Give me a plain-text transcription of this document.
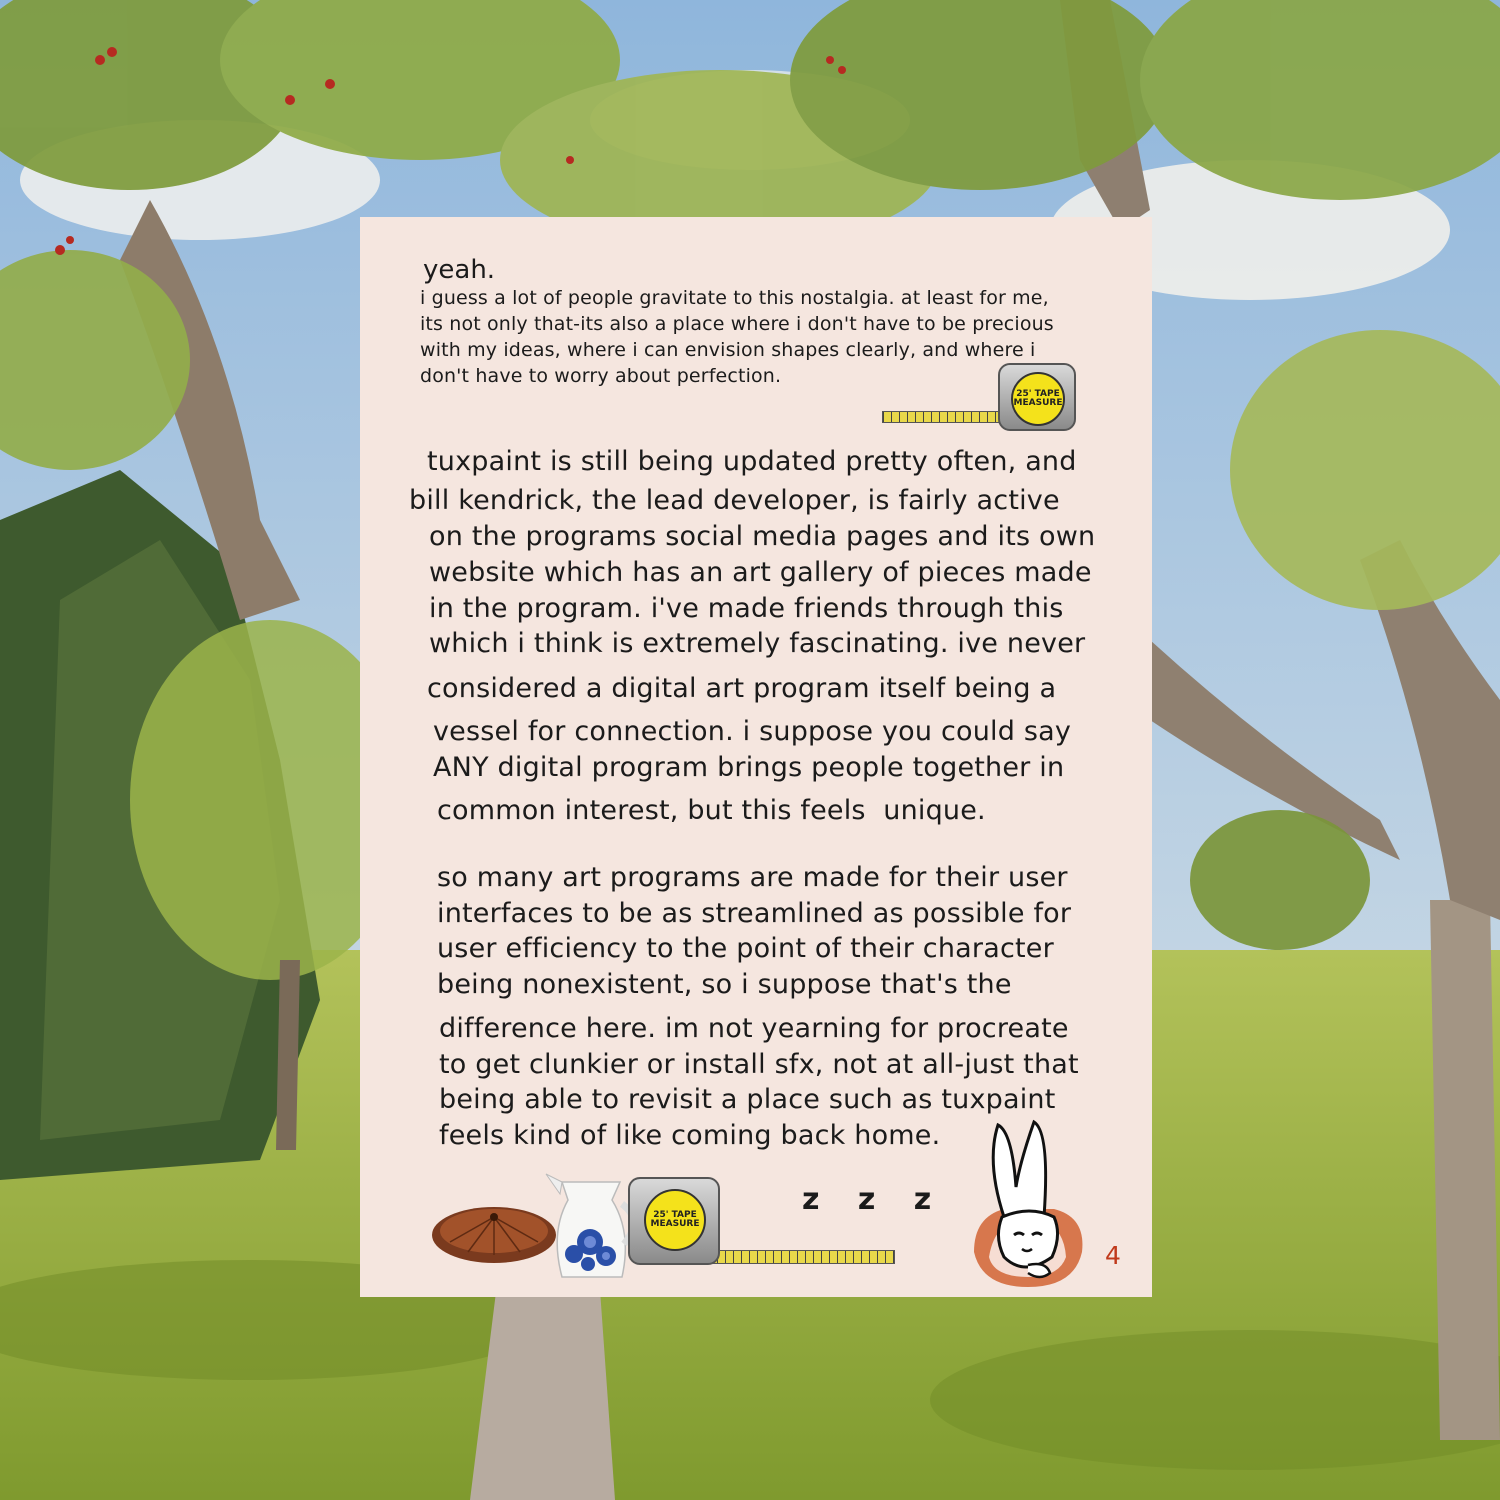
yeah.

i guess a lot of people gravitate to this nostalgia. at least for me,

its not only that-its also a place where i don't have to be precious

with my ideas, where i can envision shapes clearly, and where i

don't have to worry about perfection.

25' TAPE MEASURE

tuxpaint is still being updated pretty often, and

bill kendrick, the lead developer, is fairly active

on the programs social media pages and its own

website which has an art gallery of pieces made

in the program. i've made friends through this

which i think is extremely fascinating. ive never

considered a digital art program itself being a

vessel for connection. i suppose you could say

ANY digital program brings people together in

common interest, but this feels  unique.

so many art programs are made for their user

interfaces to be as streamlined as possible for

user efficiency to the point of their character

being nonexistent, so i suppose that's the

difference here. im not yearning for procreate

to get clunkier or install sfx, not at all-just that

being able to revisit a place such as tuxpaint

feels kind of like coming back home.

25' TAPE MEASURE

z z z

4
